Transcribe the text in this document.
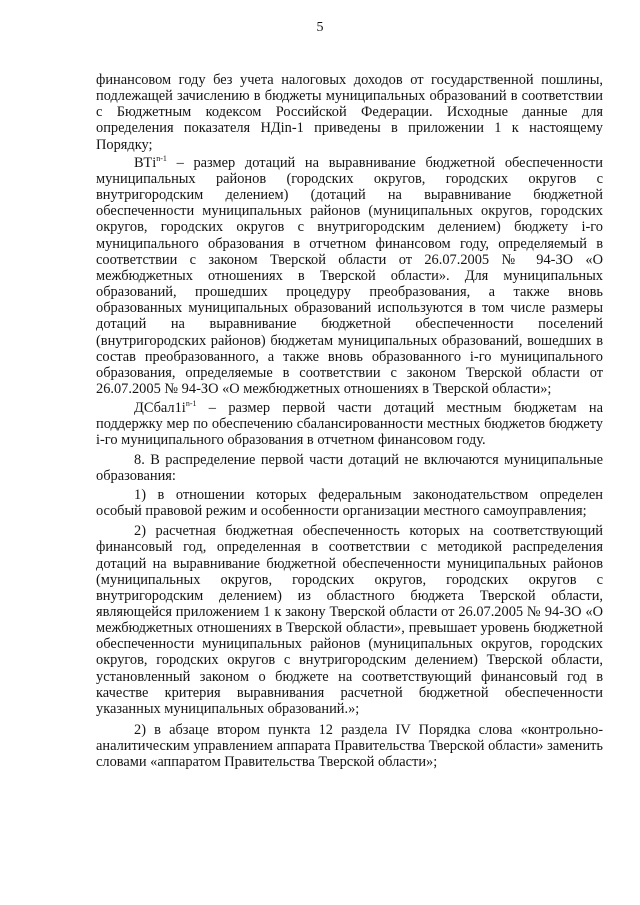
5

финансовом году без учета налоговых доходов от государственной пошлины, подлежащей зачислению в бюджеты муниципальных образований в соответствии с Бюджетным кодексом Российской Федерации. Исходные данные для определения показателя НДin-1 приведены в приложении 1 к настоящему Порядку;

ВТi$^{n-1}$ – размер дотаций на выравнивание бюджетной обеспеченности муниципальных районов (городских округов, городских округов с внутригородским делением) (дотаций на выравнивание бюджетной обеспеченности муниципальных районов (муниципальных округов, городских округов, городских округов с внутригородским делением) бюджету i-го муниципального образования в отчетном финансовом году, определяемый в соответствии с законом Тверской области от 26.07.2005 № 94-ЗО «О межбюджетных отношениях в Тверской области». Для муниципальных образований, прошедших процедуру преобразования, а также вновь образованных муниципальных образований используются в том числе размеры дотаций на выравнивание бюджетной обеспеченности поселений (внутригородских районов) бюджетам муниципальных образований, вошедших в состав преобразованного, а также вновь образованного i-го муниципального образования, определяемые в соответствии с законом Тверской области от 26.07.2005 № 94-ЗО «О межбюджетных отношениях в Тверской области»;

$ДСбал1i^{n-1}$ – размер первой части дотаций местным бюджетам на поддержку мер по обеспечению сбалансированности местных бюджетов бюджету i-го муниципального образования в отчетном финансовом году.

8. В распределение первой части дотаций не включаются муниципальные образования:

1) в отношении которых федеральным законодательством определен особый правовой режим и особенности организации местного самоуправления;

2) расчетная бюджетная обеспеченность которых на соответствующий финансовый год, определенная в соответствии с методикой распределения дотаций на выравнивание бюджетной обеспеченности муниципальных районов (муниципальных округов, городских округов, городских округов с внутригородским делением) из областного бюджета Тверской области, являющейся приложением 1 к закону Тверской области от 26.07.2005 № 94-ЗО «О межбюджетных отношениях в Тверской области», превышает уровень бюджетной обеспеченности муниципальных районов (муниципальных округов, городских округов, городских округов с внутригородским делением) Тверской области, установленный законом о бюджете на соответствующий финансовый год в качестве критерия выравнивания расчетной бюджетной обеспеченности указанных муниципальных образований.»;

2) в абзаце втором пункта 12 раздела IV Порядка слова «контрольно-аналитическим управлением аппарата Правительства Тверской области» заменить словами «аппаратом Правительства Тверской области»;
